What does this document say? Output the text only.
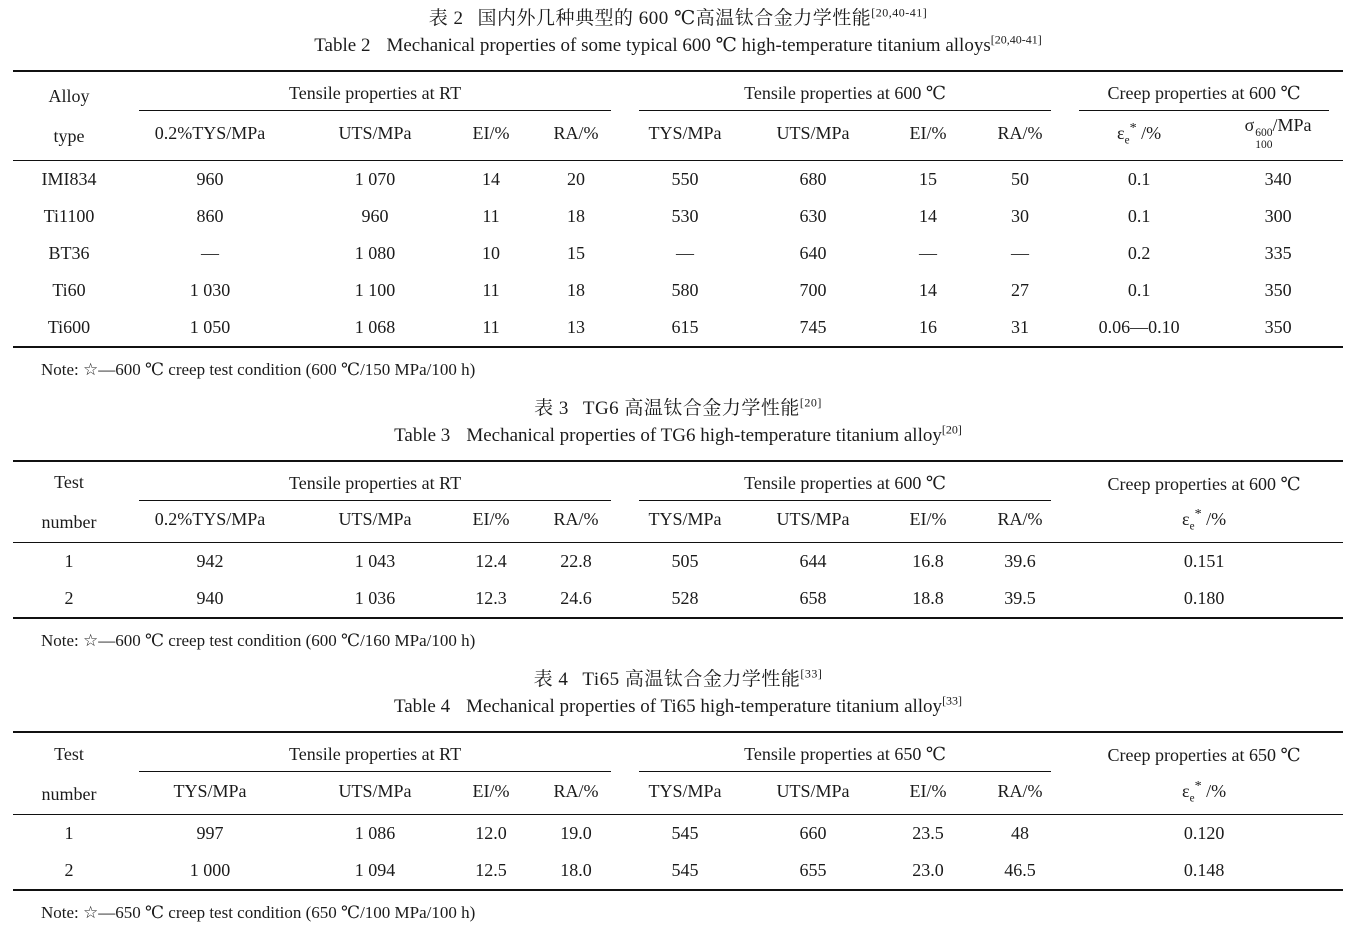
表 2 国内外几种典型的 600 ℃高温钛合金力学性能[20,40-41]
Table 2 Mechanical properties of some typical 600 ℃ high-temperature titanium alloys[20,40-41]
Alloy
type	Tensile properties at RT				Tensile properties at 600 ℃				Creep properties at 600 ℃	

	0.2%TYS/MPa	UTS/MPa	EI/%	RA/%	TYS/MPa	UTS/MPa	EI/%	RA/%	$\varepsilon_e^*$ /%	σ 600
100
/MPa
IMI834	960	1 070	14	20	550	680	15	50	0.1	340
Ti1100	860	960	11	18	530	630	14	30	0.1	300
BT36	—	1 080	10	15	—	640	—	—	0.2	335
Ti60	1 030	1 100	11	18	580	700	14	27	0.1	350
Ti600	1 050	1 068	11	13	615	745	16	31	0.06—0.10	350
Note: ☆—600 ℃ creep test condition (600 ℃/150 MPa/100 h)
表 3 TG6 高温钛合金力学性能[20]
Table 3 Mechanical properties of TG6 high-temperature titanium alloy[20]
Test
number	Tensile properties at RT				Tensile properties at 600 ℃				Creep properties at 600 ℃

	0.2%TYS/MPa	UTS/MPa	EI/%	RA/%	TYS/MPa	UTS/MPa	EI/%	RA/%	$\varepsilon_e^*$ /%
1	942	1 043	12.4	22.8	505	644	16.8	39.6	0.151
2	940	1 036	12.3	24.6	528	658	18.8	39.5	0.180
Note: ☆—600 ℃ creep test condition (600 ℃/160 MPa/100 h)
表 4 Ti65 高温钛合金力学性能[33]
Table 4 Mechanical properties of Ti65 high-temperature titanium alloy[33]
Test
number	Tensile properties at RT				Tensile properties at 650 ℃				Creep properties at 650 ℃

	TYS/MPa	UTS/MPa	EI/%	RA/%	TYS/MPa	UTS/MPa	EI/%	RA/%	$\varepsilon_e^*$ /%
1	997	1 086	12.0	19.0	545	660	23.5	48	0.120
2	1 000	1 094	12.5	18.0	545	655	23.0	46.5	0.148
Note: ☆—650 ℃ creep test condition (650 ℃/100 MPa/100 h)
